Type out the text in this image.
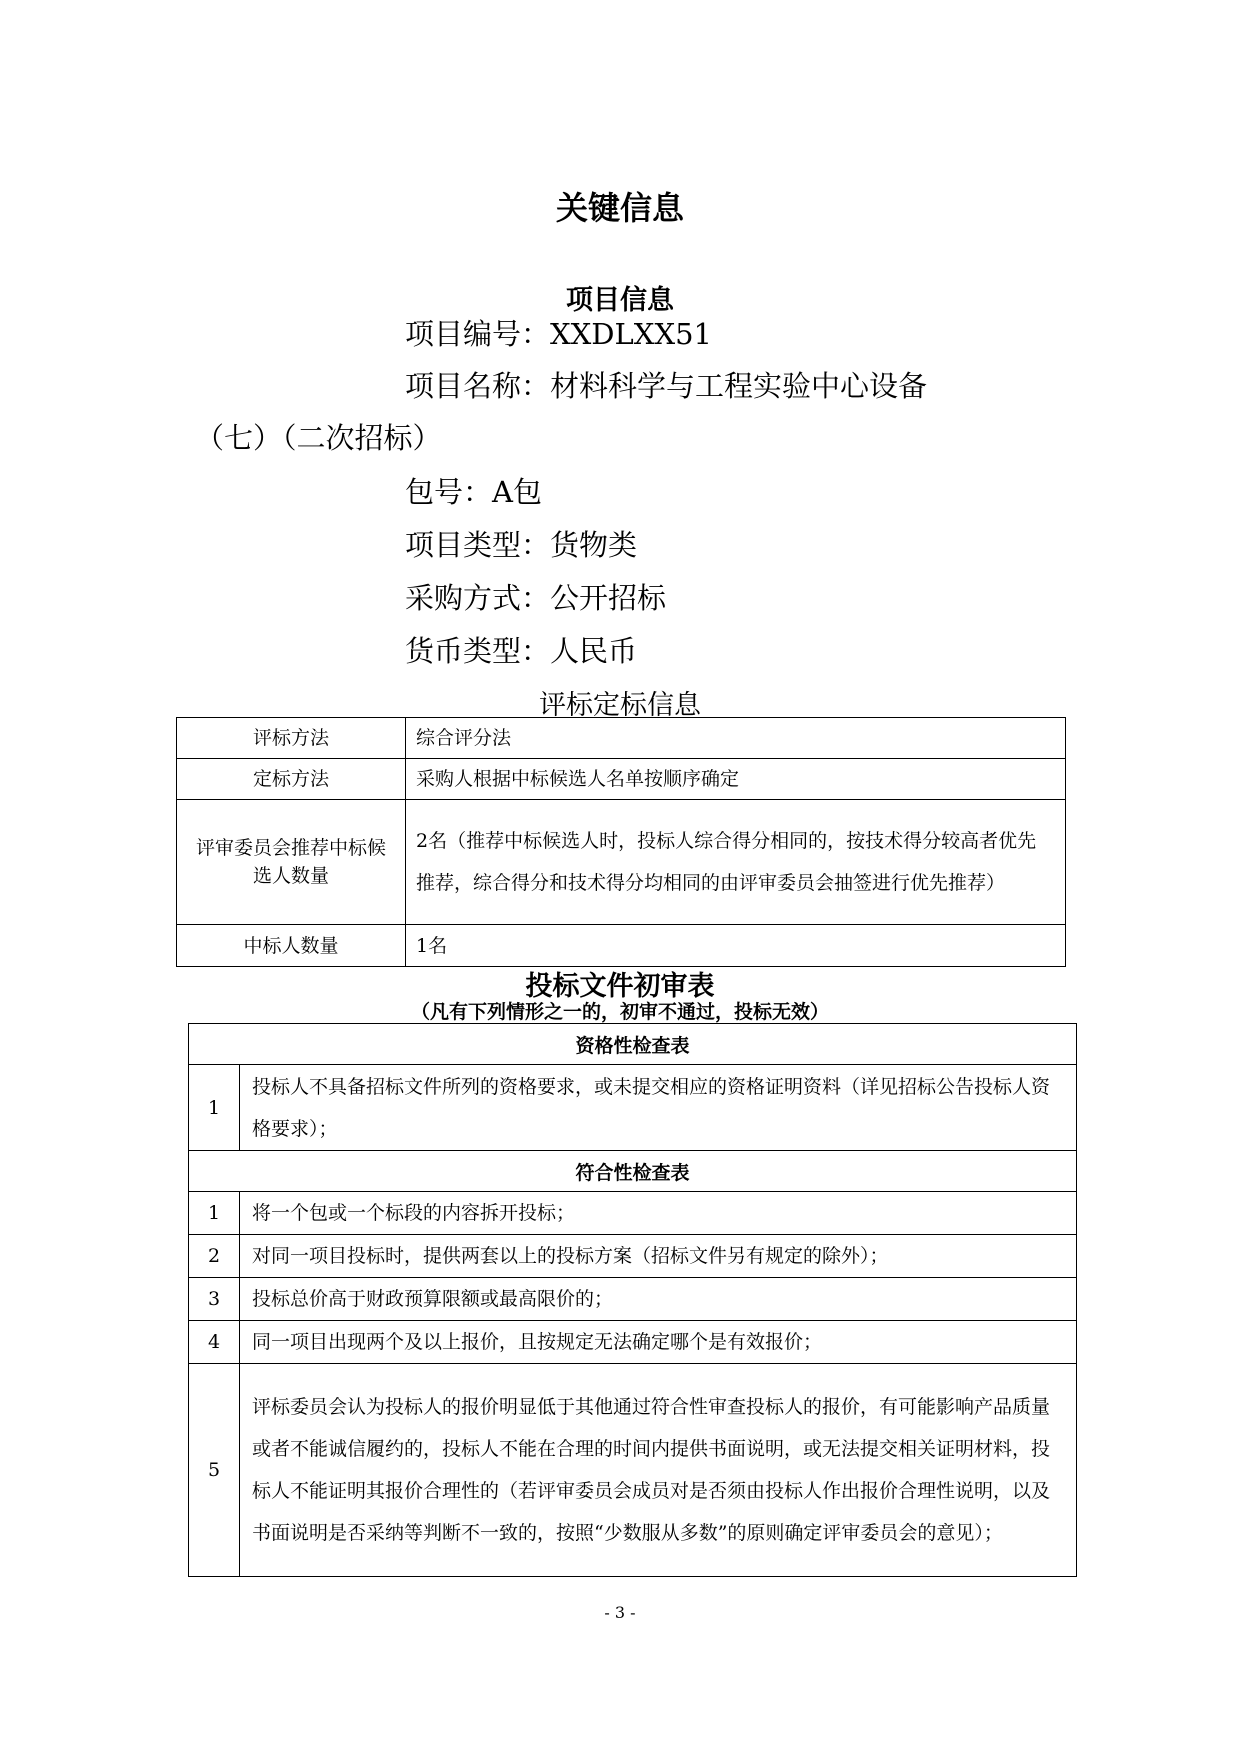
关键信息
项目信息
项目编号：XXDLXX51
项目名称：材料科学与工程实验中心设备
（七）（二次招标）
包号：A包
项目类型：货物类
采购方式：公开招标
货币类型：人民币
评标定标信息
评标方法	综合评分法
定标方法	采购人根据中标候选人名单按顺序确定
评审委员会推荐中标候选人数量	2名（推荐中标候选人时，投标人综合得分相同的，按技术得分较高者优先推荐，综合得分和技术得分均相同的由评审委员会抽签进行优先推荐）
中标人数量	1名
投标文件初审表
（凡有下列情形之一的，初审不通过，投标无效）
资格性检查表	
1	投标人不具备招标文件所列的资格要求，或未提交相应的资格证明资料（详见招标公告投标人资格要求）；
符合性检查表	
1	将一个包或一个标段的内容拆开投标；
2	对同一项目投标时，提供两套以上的投标方案（招标文件另有规定的除外）；
3	投标总价高于财政预算限额或最高限价的；
4	同一项目出现两个及以上报价，且按规定无法确定哪个是有效报价；
5	评标委员会认为投标人的报价明显低于其他通过符合性审查投标人的报价，有可能影响产品质量或者不能诚信履约的，投标人不能在合理的时间内提供书面说明，或无法提交相关证明材料，投标人不能证明其报价合理性的（若评审委员会成员对是否须由投标人作出报价合理性说明，以及书面说明是否采纳等判断不一致的，按照“少数服从多数”的原则确定评审委员会的意见）；
- 3 -
